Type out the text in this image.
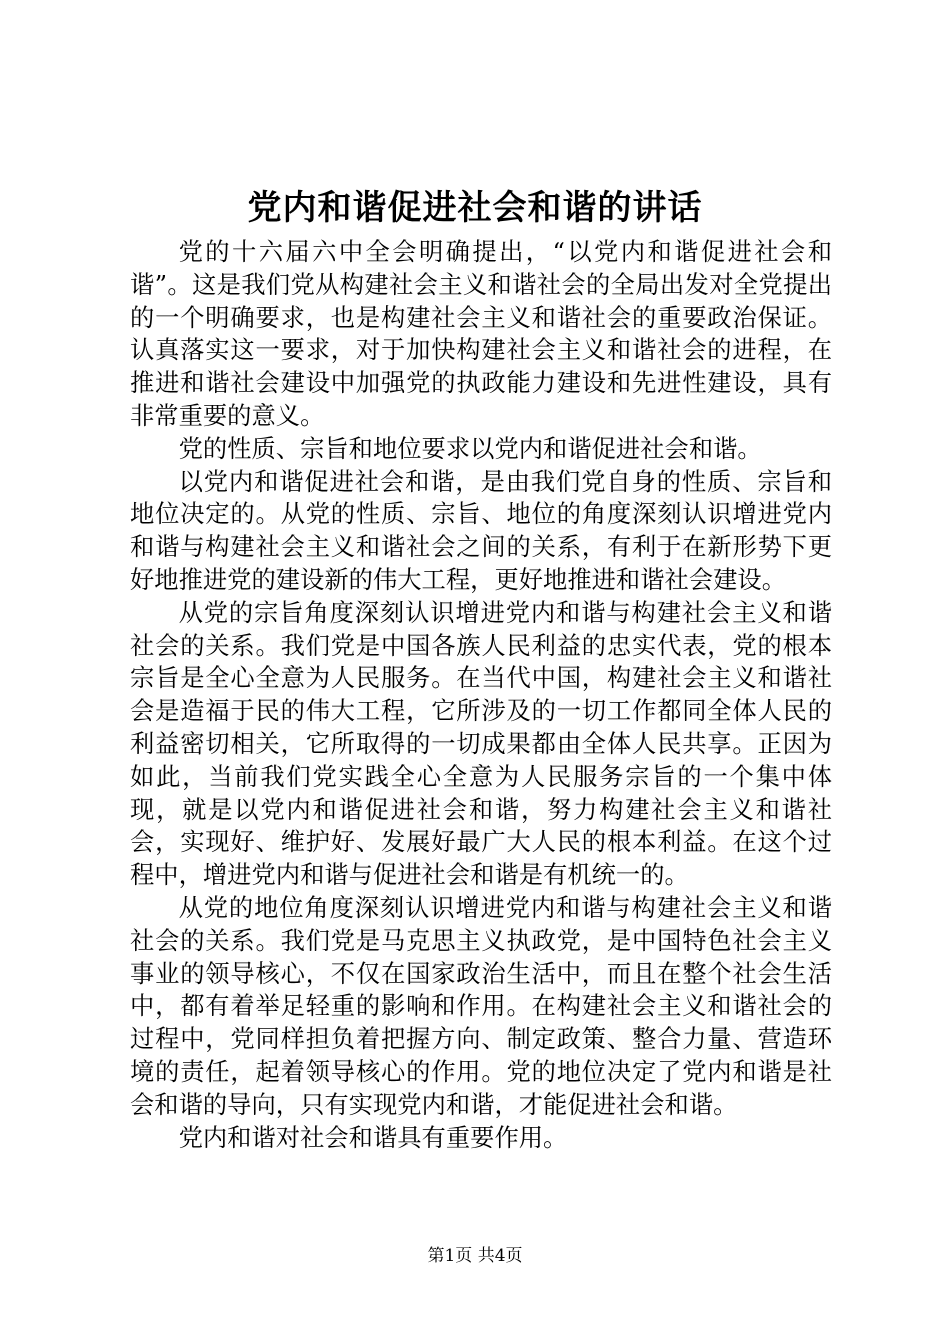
党内和谐促进社会和谐的讲话

党的十六届六中全会明确提出，“以党内和谐促进社会和谐”。这是我们党从构建社会主义和谐社会的全局出发对全党提出的一个明确要求，也是构建社会主义和谐社会的重要政治保证。认真落实这一要求，对于加快构建社会主义和谐社会的进程，在推进和谐社会建设中加强党的执政能力建设和先进性建设，具有非常重要的意义。

党的性质、宗旨和地位要求以党内和谐促进社会和谐。

以党内和谐促进社会和谐，是由我们党自身的性质、宗旨和地位决定的。从党的性质、宗旨、地位的角度深刻认识增进党内和谐与构建社会主义和谐社会之间的关系，有利于在新形势下更好地推进党的建设新的伟大工程，更好地推进和谐社会建设。

从党的宗旨角度深刻认识增进党内和谐与构建社会主义和谐社会的关系。我们党是中国各族人民利益的忠实代表，党的根本宗旨是全心全意为人民服务。在当代中国，构建社会主义和谐社会是造福于民的伟大工程，它所涉及的一切工作都同全体人民的利益密切相关，它所取得的一切成果都由全体人民共享。正因为如此，当前我们党实践全心全意为人民服务宗旨的一个集中体现，就是以党内和谐促进社会和谐，努力构建社会主义和谐社会，实现好、维护好、发展好最广大人民的根本利益。在这个过程中，增进党内和谐与促进社会和谐是有机统一的。

从党的地位角度深刻认识增进党内和谐与构建社会主义和谐社会的关系。我们党是马克思主义执政党，是中国特色社会主义事业的领导核心，不仅在国家政治生活中，而且在整个社会生活中，都有着举足轻重的影响和作用。在构建社会主义和谐社会的过程中，党同样担负着把握方向、制定政策、整合力量、营造环境的责任，起着领导核心的作用。党的地位决定了党内和谐是社会和谐的导向，只有实现党内和谐，才能促进社会和谐。

党内和谐对社会和谐具有重要作用。

第1页 共4页
